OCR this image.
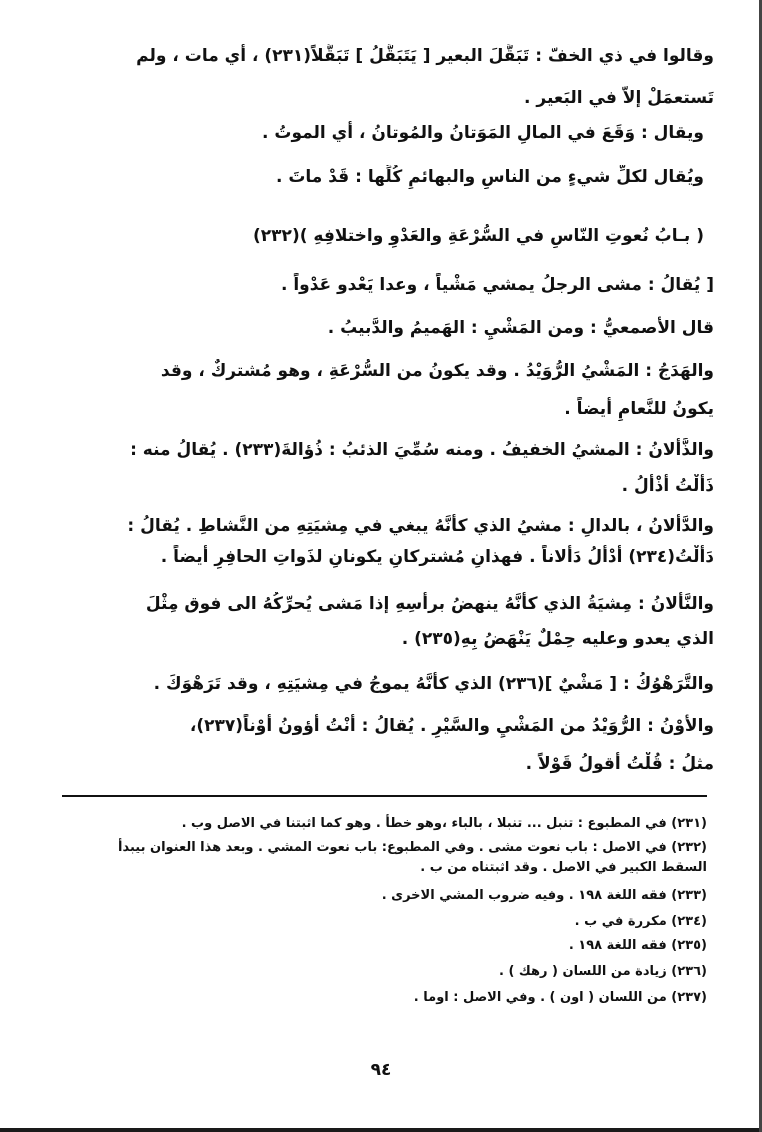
وقالوا في ذي الخفّ : تَبَقَّلَ البعير [ يَتَبَقَّلُ ] تَبَقُّلاً(٢٣١) ، أي مات ، ولم
تَستعمَلْ إلاّ في البَعير .
ويقال : وَقَعَ في المالِ المَوَتانُ والمُوتانُ ، أي الموتُ .
ويُقال لكلِّ شيءٍ من الناسِ والبهائمِ كُلِّها : قَدْ ماتَ .
( بـابُ نُعوتِ النّاسِ في السُّرْعَةِ والعَدْوِ واختلافِهِ )(٢٣٢)
[ يُقالُ : مشى الرجلُ يمشي مَشْياً ، وعدا يَعْدو عَدْواً .
قال الأصمعيُّ : ومن المَشْيِ : الهَميمُ والدَّبيبُ .
والهَدَجُ : المَشْيُ الرُّوَيْدُ . وقد يكونُ من السُّرْعَةِ ، وهو مُشتركٌ ، وقد
يكونُ للنَّعامِ أيضاً .
والذَّأَلانُ : المشيُ الخفيفُ . ومنه سُمِّيَ الذئبُ : ذُؤالةَ(٢٣٣) . يُقالُ منه :
ذَأَلْتُ أَذْأَلُ .
والدَّأَلانُ ، بالدالِ : مشيُ الذي كأنَّهُ يبغي في مِشيَتِهِ من النَّشاطِ . يُقالُ :
دَأَلْتُ(٢٣٤) أَدْأَلُ دَأَلاناً . فهذانِ مُشتركانِ يكونانِ لذَواتِ الحافِرِ أيضاً .
والنَّأَلانُ : مِشيَةُ الذي كأنَّهُ ينهضُ برأسِهِ إذا مَشى يُحرِّكُهُ الى فوق مِثْلَ
الذي يعدو وعليه حِمْلٌ يَنْهَضُ بِهِ(٢٣٥) .
والتَّرَهْوُكُ : [ مَشْيٌ ](٢٣٦) الذي كأنَّهُ يموجُ في مِشيَتِهِ ، وقد تَرَهْوَكَ .
والأَوْنُ : الرُّوَيْدُ من المَشْيِ والسَّيْرِ . يُقالُ : أُنْتُ أَؤونُ أَوْناً(٢٣٧)،
مثلُ : قُلْتُ أقولُ قَوْلاً .
(٢٣١) في المطبوع : تنبل ... تنبلا ، بالباء ،وهو خطأ . وهو كما اثبتنا في الاصل وب .
(٢٣٢) في الاصل : باب نعوت مشى . وفي المطبوع: باب نعوت المشي . وبعد هذا العنوان بيبدأ
السقط الكبير في الاصل . وقد اثبتناه من ب .
(٢٣٣) فقه اللغة ١٩٨ . وفيه ضروب المشي الاخرى .
(٢٣٤) مكررة في ب .
(٢٣٥) فقه اللغة ١٩٨ .
(٢٣٦) زيادة من اللسان ( رهك ) .
(٢٣٧) من اللسان ( اون ) . وفي الاصل : اوما .
٩٤
